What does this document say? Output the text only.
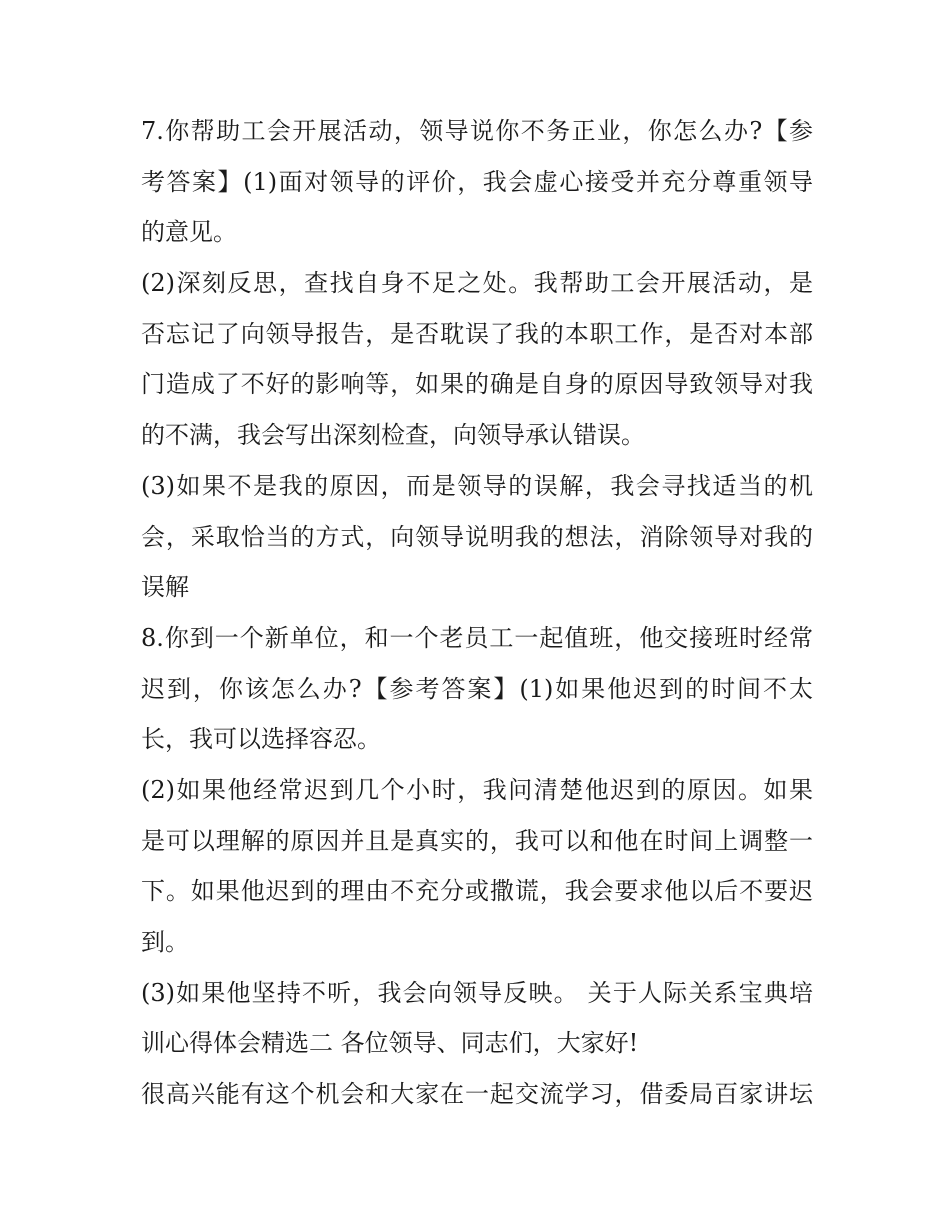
7.你帮助工会开展活动，领导说你不务正业，你怎么办?【参
考答案】(1)面对领导的评价，我会虚心接受并充分尊重领导
的意见。
(2)深刻反思，查找自身不足之处。我帮助工会开展活动，是
否忘记了向领导报告，是否耽误了我的本职工作，是否对本部
门造成了不好的影响等，如果的确是自身的原因导致领导对我
的不满，我会写出深刻检查，向领导承认错误。
(3)如果不是我的原因，而是领导的误解，我会寻找适当的机
会，采取恰当的方式，向领导说明我的想法，消除领导对我的
误解
8.你到一个新单位，和一个老员工一起值班，他交接班时经常
迟到，你该怎么办?【参考答案】(1)如果他迟到的时间不太
长，我可以选择容忍。
(2)如果他经常迟到几个小时，我问清楚他迟到的原因。如果
是可以理解的原因并且是真实的，我可以和他在时间上调整一
下。如果他迟到的理由不充分或撒谎，我会要求他以后不要迟
到。
(3)如果他坚持不听，我会向领导反映。 关于人际关系宝典培
训心得体会精选二 各位领导、同志们，大家好!
很高兴能有这个机会和大家在一起交流学习，借委局百家讲坛
